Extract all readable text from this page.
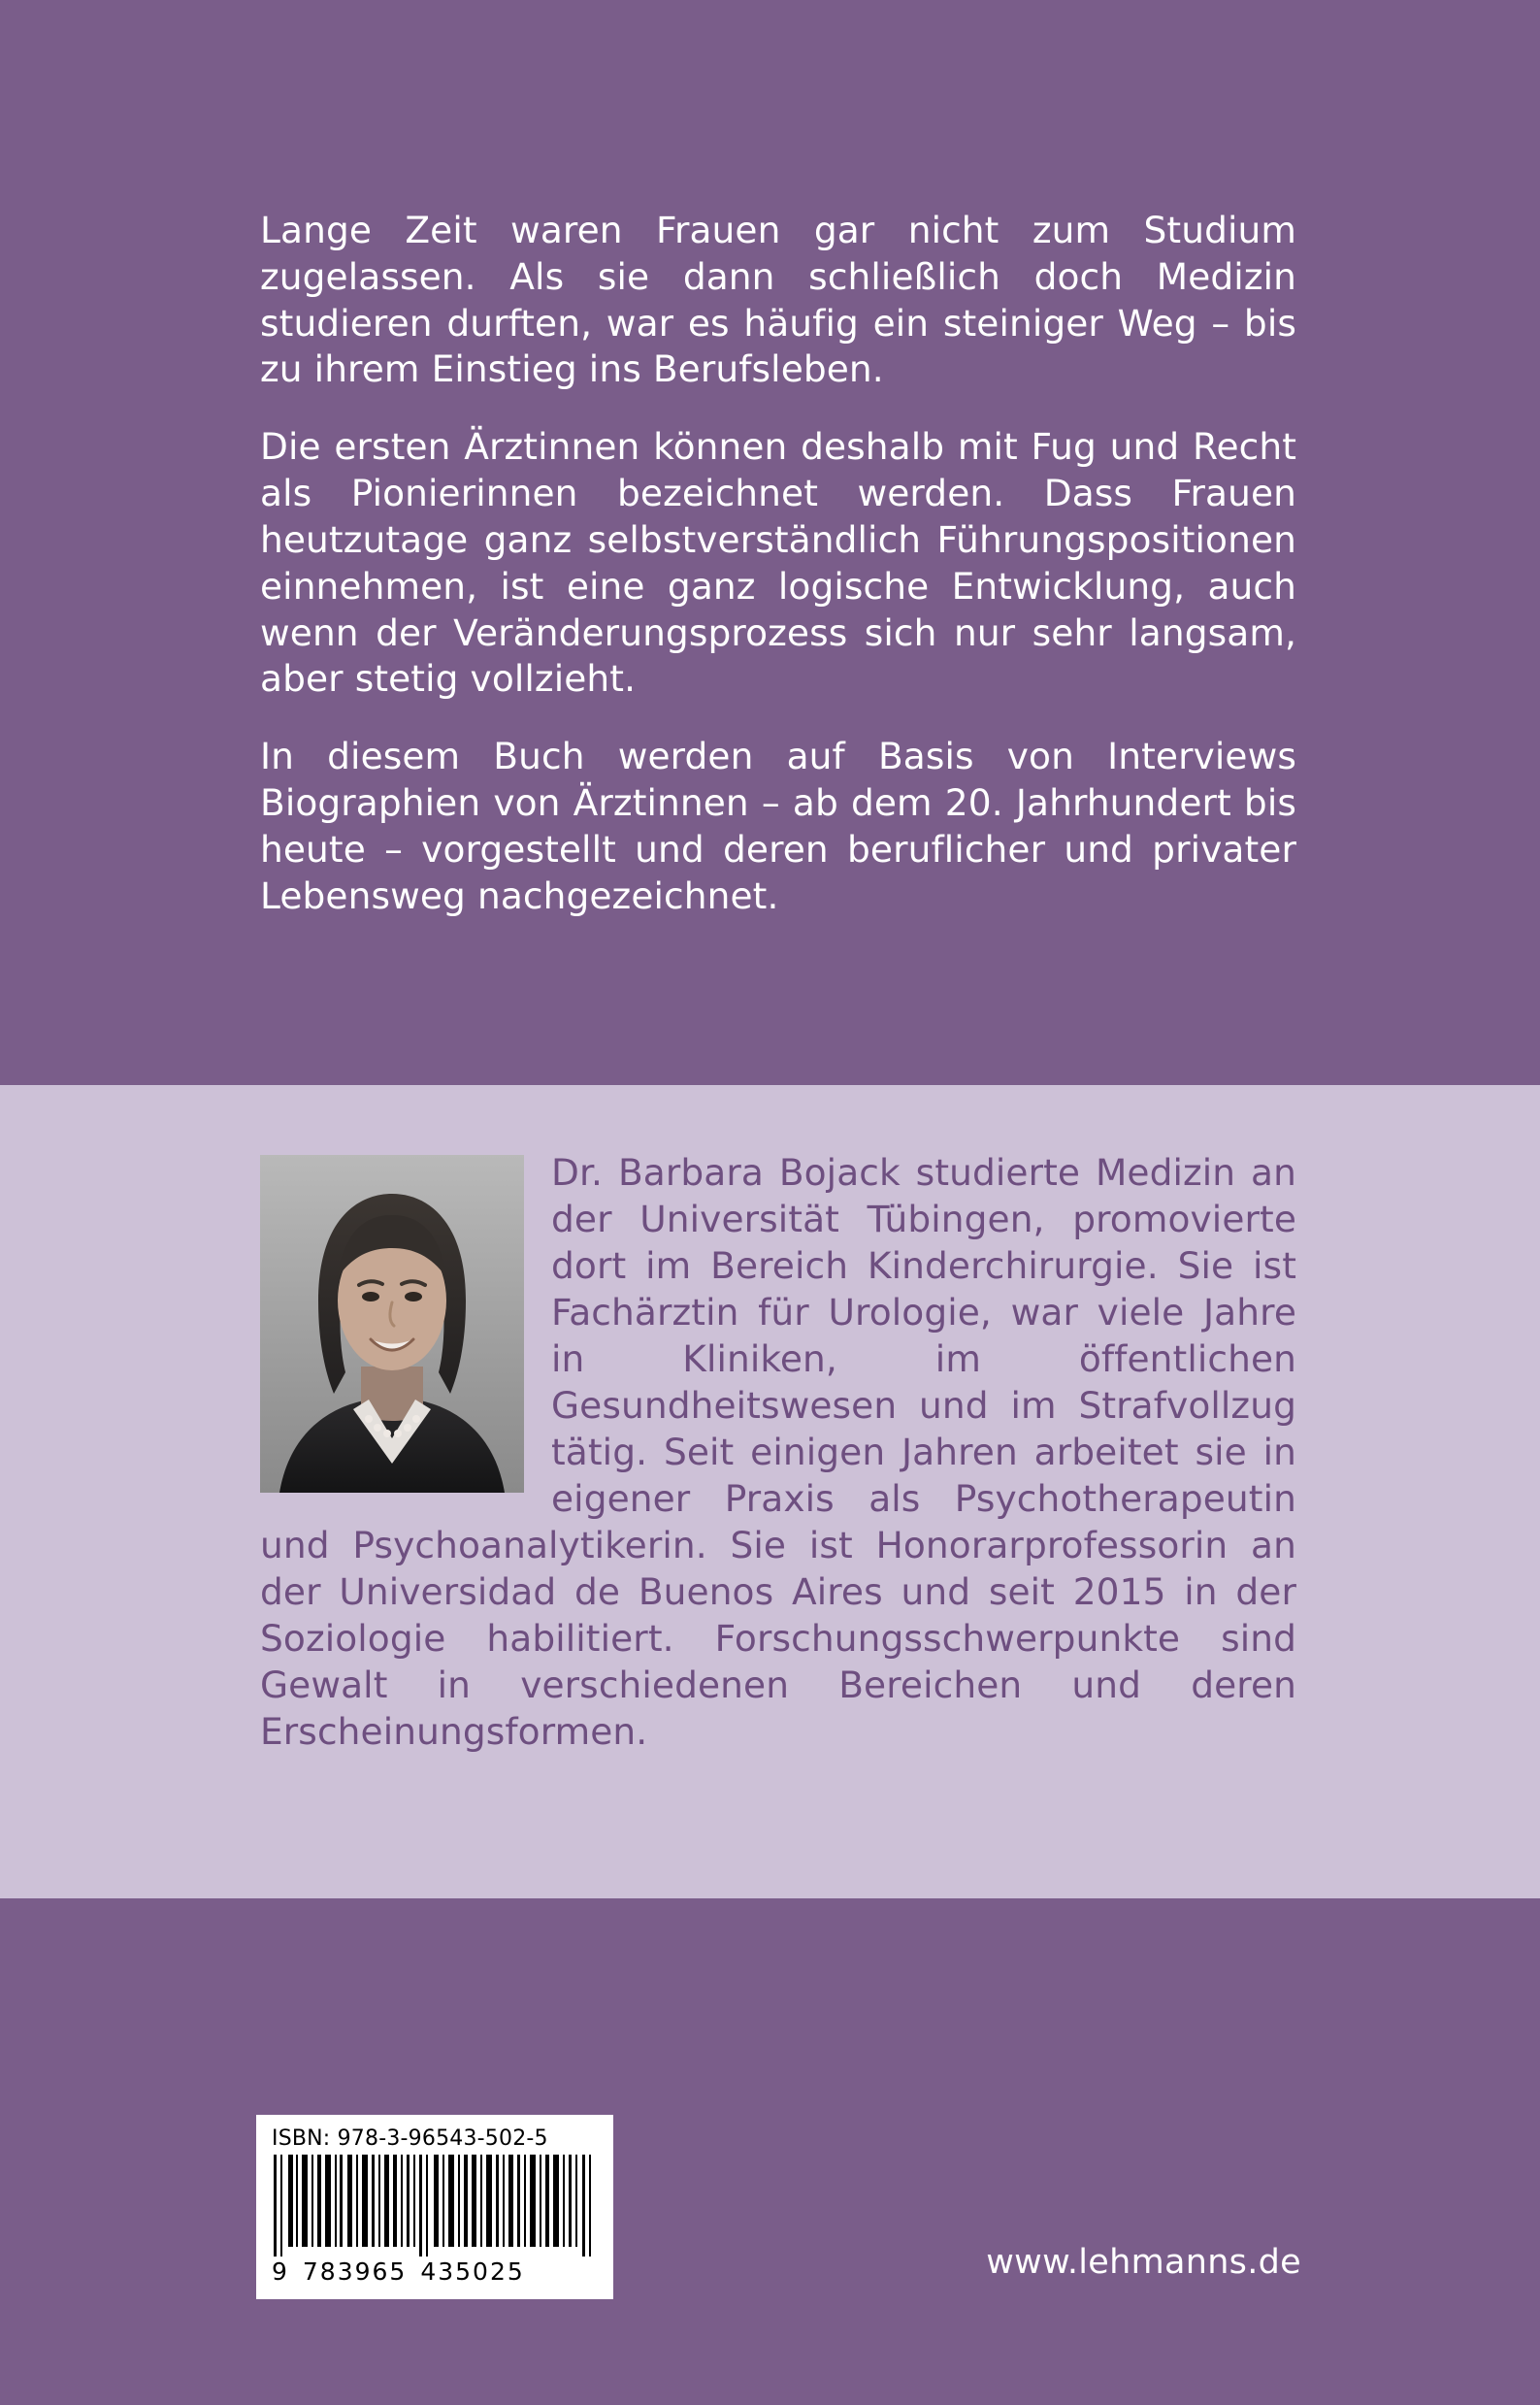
Lange Zeit waren Frauen gar nicht zum Studium zugelassen. Als sie dann schließlich doch Medizin studieren durften, war es häufig ein steiniger Weg – bis zu ihrem Einstieg ins Berufsleben.

Die ersten Ärztinnen können deshalb mit Fug und Recht als Pionierinnen bezeichnet werden. Dass Frauen heutzutage ganz selbstverständlich Führungspositionen einnehmen, ist eine ganz logische Entwicklung, auch wenn der Veränderungsprozess sich nur sehr langsam, aber stetig vollzieht.

In diesem Buch werden auf Basis von Interviews Biographien von Ärztinnen – ab dem 20. Jahrhundert bis heute – vorgestellt und deren beruflicher und privater Lebensweg nachgezeichnet.

Dr. Barbara Bojack studierte Medizin an der Universität Tübingen, promovierte dort im Bereich Kinderchirurgie. Sie ist Fachärztin für Urologie, war viele Jahre in Kliniken, im öffentlichen Gesundheitswesen und im Strafvollzug tätig. Seit einigen Jahren arbeitet sie in eigener Praxis als Psychotherapeutin und Psychoanalytikerin. Sie ist Honorarprofessorin an der Universidad de Buenos Aires und seit 2015 in der Soziologie habilitiert. Forschungsschwerpunkte sind Gewalt in verschiedenen Bereichen und deren Erscheinungsformen.

ISBN: 978-3-96543-502-5
9 783965 435025	www.lehmanns.de
